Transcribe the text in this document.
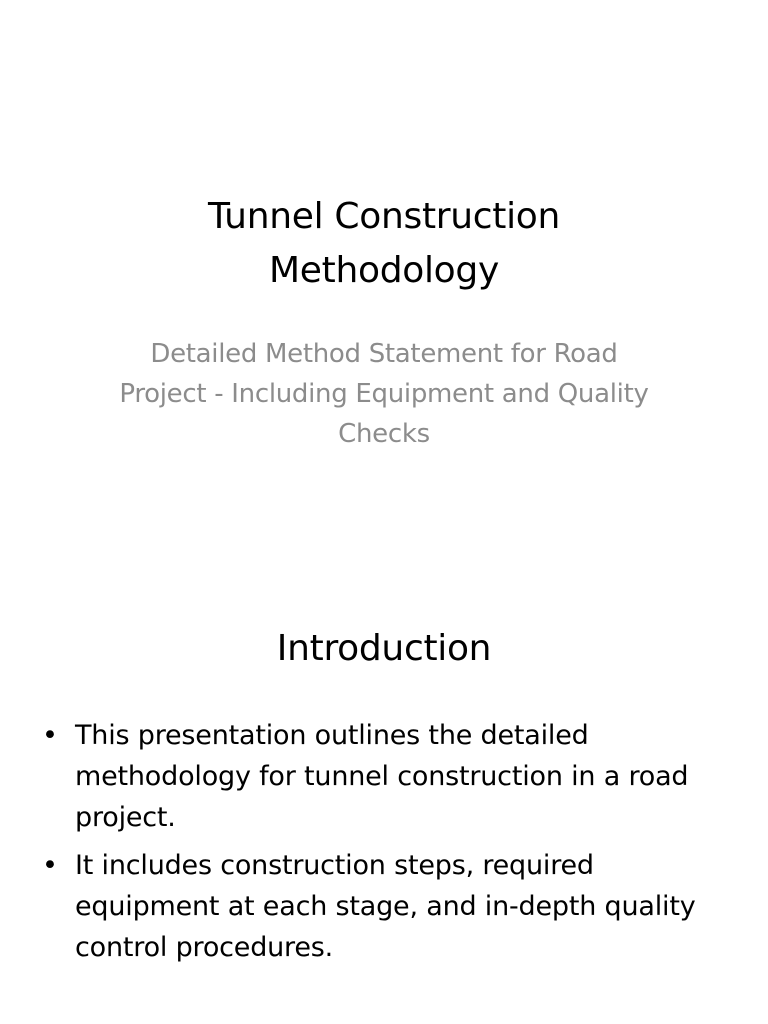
Tunnel Construction Methodology
Detailed Method Statement for Road Project - Including Equipment and Quality Checks
Introduction
• This presentation outlines the detailed methodology for tunnel construction in a road project.
• It includes construction steps, required equipment at each stage, and in-depth quality control procedures.
